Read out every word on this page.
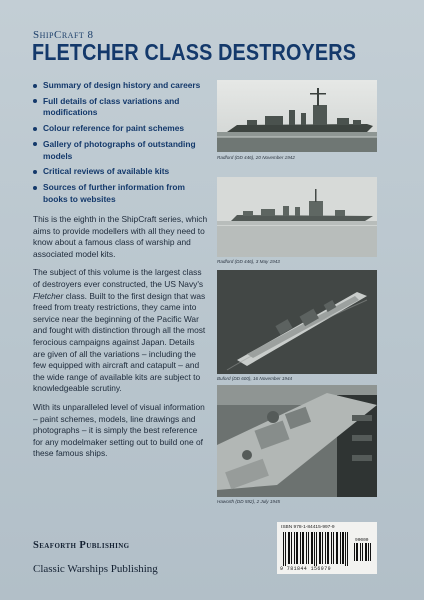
ShipCraft 8
FLETCHER CLASS DESTROYERS
Summary of design history and careers
Full details of class variations and modifications
Colour reference for paint schemes
Gallery of photographs of outstanding models
Critical reviews of available kits
Sources of further information from books to websites

This is the eighth in the ShipCraft series, which aims to provide modellers with all they need to know about a famous class of warship and associated model kits.

The subject of this volume is the largest class of destroyers ever constructed, the US Navy's Fletcher class. Built to the first design that was freed from treaty restrictions, they came into service near the beginning of the Pacific War and fought with distinction through all the most ferocious campaigns against Japan. Details are given of all the variations – including the few equipped with aircraft and catapult – and the wide range of available kits are subject to knowledgeable scrutiny.

With its unparalleled level of visual information – paint schemes, models, line drawings and photographs – it is simply the best reference for any modelmaker setting out to build one of these famous ships.

Radford (DD 446), 20 November 1942
Radford (DD 446), 3 May 1943
Buford (DD 600), 16 November 1944
Haworth (DD 592), 2 July 1945
ISBN 978-1-84415-997-9
90000
9 781844 156979
Seaforth Publishing
Classic Warships Publishing
